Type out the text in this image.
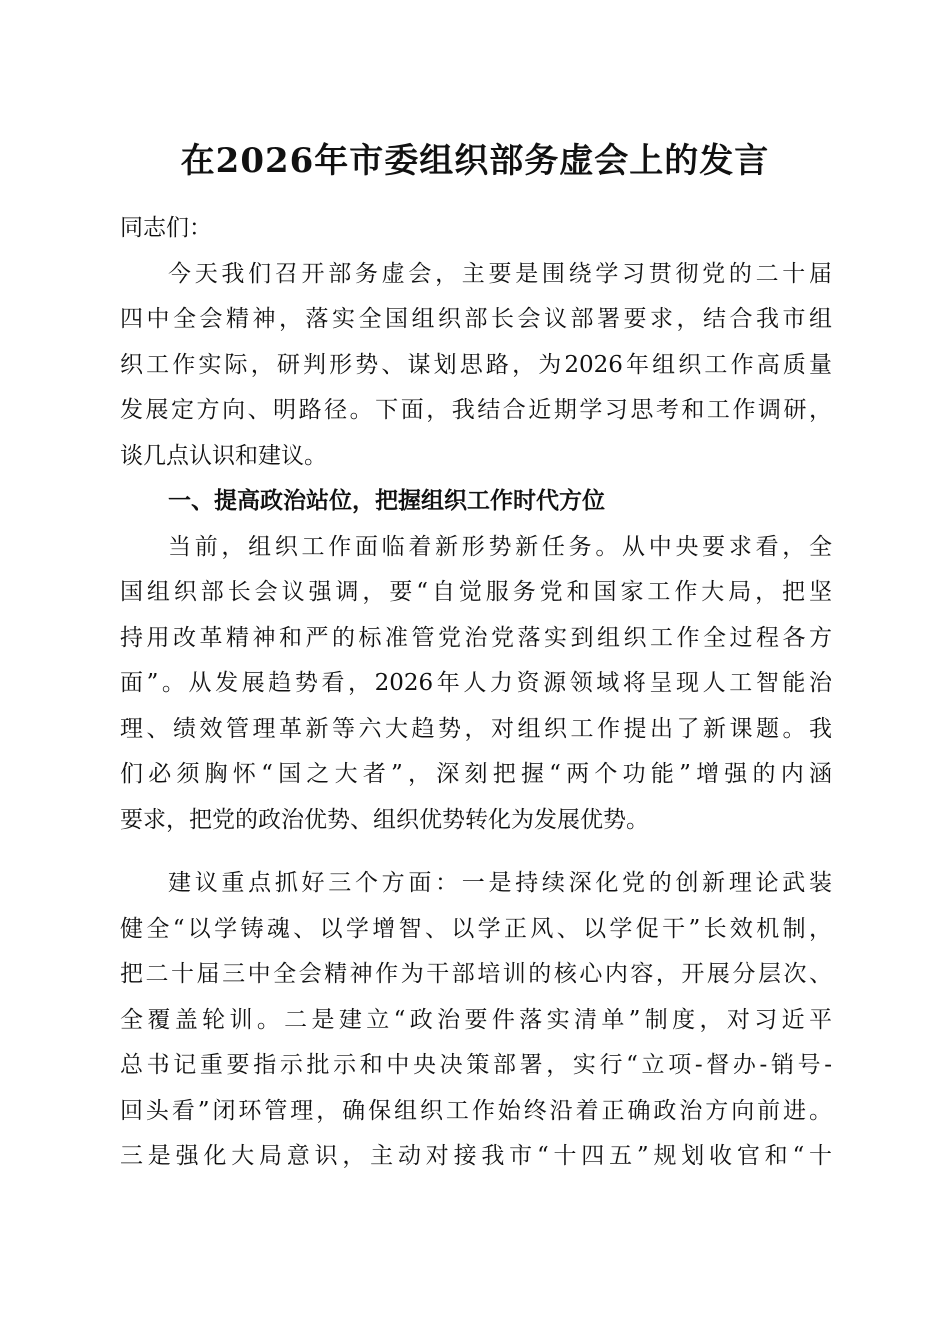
在2026年市委组织部务虚会上的发言
同志们：
今天我们召开部务虚会，主要是围绕学习贯彻党的二十届
四中全会精神，落实全国组织部长会议部署要求，结合我市组
织工作实际，研判形势、谋划思路，为2026年组织工作高质量
发展定方向、明路径。下面，我结合近期学习思考和工作调研，
谈几点认识和建议。
一、提高政治站位，把握组织工作时代方位
当前，组织工作面临着新形势新任务。从中央要求看，全
国组织部长会议强调，要“自觉服务党和国家工作大局，把坚
持用改革精神和严的标准管党治党落实到组织工作全过程各方
面”。从发展趋势看，2026年人力资源领域将呈现人工智能治
理、绩效管理革新等六大趋势，对组织工作提出了新课题。我
们必须胸怀“国之大者”，深刻把握“两个功能”增强的内涵
要求，把党的政治优势、组织优势转化为发展优势。
建议重点抓好三个方面：一是持续深化党的创新理论武装
健全“以学铸魂、以学增智、以学正风、以学促干”长效机制，
把二十届三中全会精神作为干部培训的核心内容，开展分层次、
全覆盖轮训。二是建立“政治要件落实清单”制度，对习近平
总书记重要指示批示和中央决策部署，实行“立项-督办-销号-
回头看”闭环管理，确保组织工作始终沿着正确政治方向前进。
三是强化大局意识，主动对接我市“十四五”规划收官和“十
